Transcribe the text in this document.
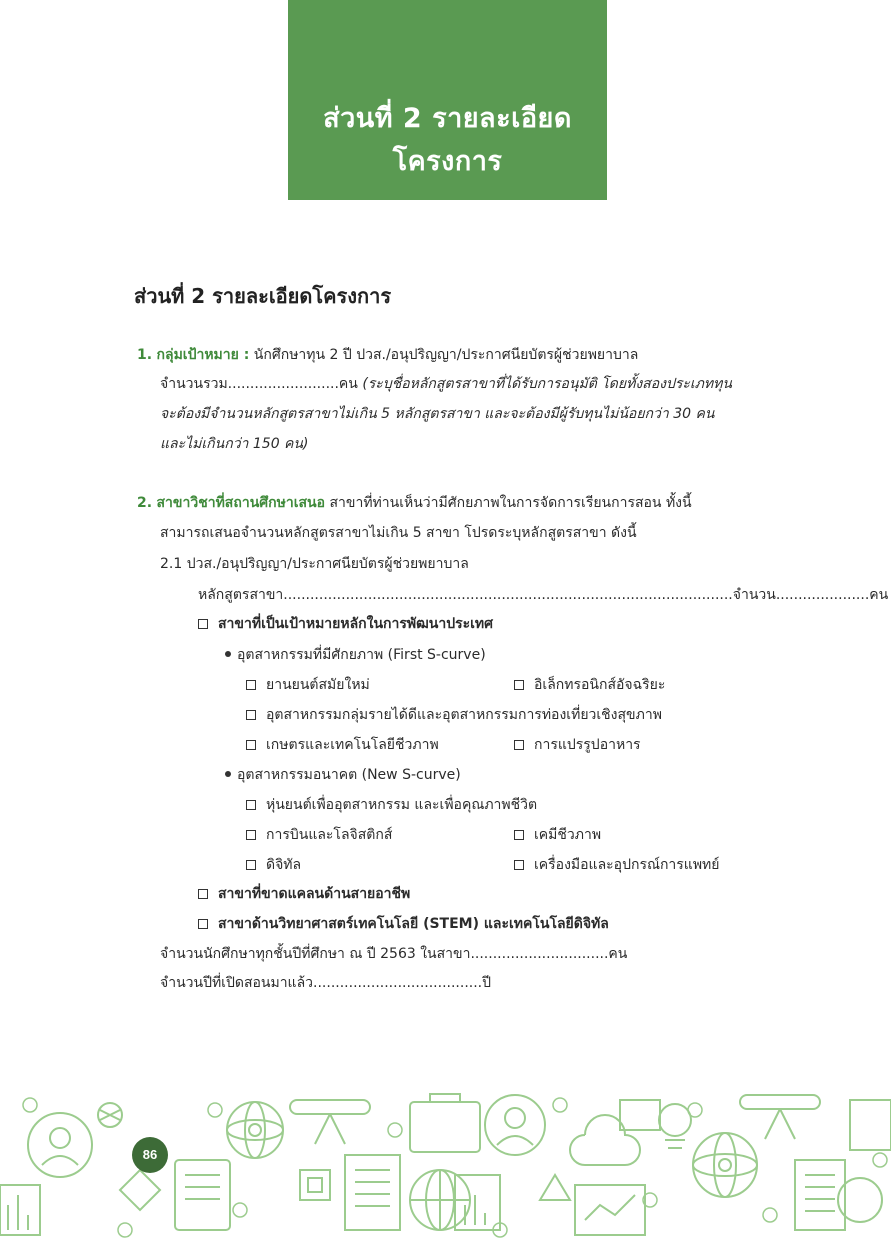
ส่วนที่ 2 รายละเอียดโครงการ
ส่วนที่ 2 รายละเอียดโครงการ
1. กลุ่มเป้าหมาย : นักศึกษาทุน 2 ปี ปวส./อนุปริญญา/ประกาศนียบัตรผู้ช่วยพยาบาล
จำนวนรวม.........................คน (ระบุชื่อหลักสูตรสาขาที่ได้รับการอนุมัติ โดยทั้งสองประเภททุน
จะต้องมีจำนวนหลักสูตรสาขาไม่เกิน 5 หลักสูตรสาขา และจะต้องมีผู้รับทุนไม่น้อยกว่า 30 คน
และไม่เกินกว่า 150 คน)
2. สาขาวิชาที่สถานศึกษาเสนอ สาขาที่ท่านเห็นว่ามีศักยภาพในการจัดการเรียนการสอน ทั้งนี้
สามารถเสนอจำนวนหลักสูตรสาขาไม่เกิน 5 สาขา โปรดระบุหลักสูตรสาขา ดังนี้
2.1 ปวส./อนุปริญญา/ประกาศนียบัตรผู้ช่วยพยาบาล
หลักสูตรสาขา.....................................................................................................จำนวน.....................คน
สาขาที่เป็นเป้าหมายหลักในการพัฒนาประเทศ
อุตสาหกรรมที่มีศักยภาพ (First S-curve)
ยานยนต์สมัยใหม่	อิเล็กทรอนิกส์อัจฉริยะ
อุตสาหกรรมกลุ่มรายได้ดีและอุตสาหกรรมการท่องเที่ยวเชิงสุขภาพ
เกษตรและเทคโนโลยีชีวภาพ	การแปรรูปอาหาร
อุตสาหกรรมอนาคต (New S-curve)
หุ่นยนต์เพื่ออุตสาหกรรม และเพื่อคุณภาพชีวิต
การบินและโลจิสติกส์	เคมีชีวภาพ
ดิจิทัล	เครื่องมือและอุปกรณ์การแพทย์
สาขาที่ขาดแคลนด้านสายอาชีพ
สาขาด้านวิทยาศาสตร์เทคโนโลยี (STEM) และเทคโนโลยีดิจิทัล
จำนวนนักศึกษาทุกชั้นปีที่ศึกษา ณ ปี 2563 ในสาขา...............................คน
จำนวนปีที่เปิดสอนมาแล้ว......................................ปี
86
